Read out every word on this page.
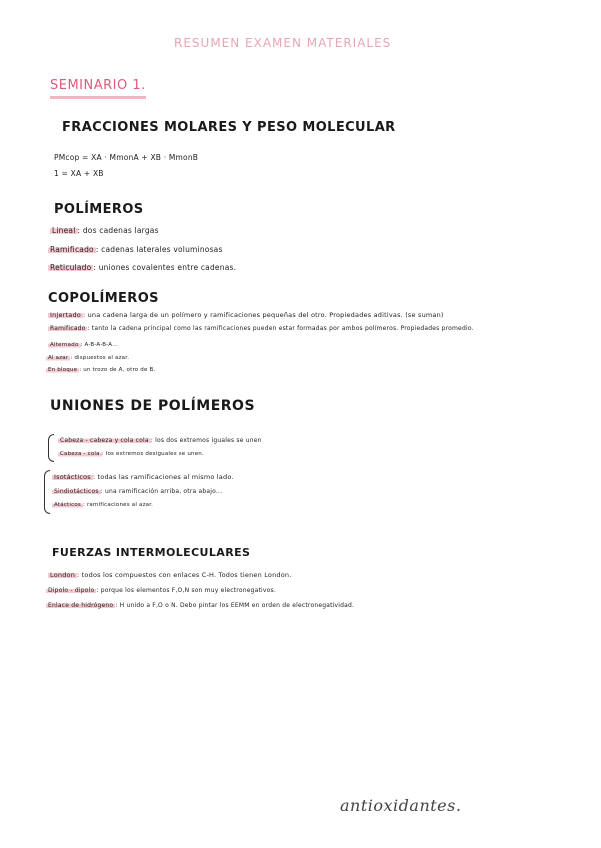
RESUMEN EXAMEN MATERIALES
SEMINARIO 1.
FRACCIONES MOLARES Y PESO MOLECULAR
PMcop = XA · MmonA + XB · MmonB
1 = XA + XB
POLÍMEROS
Lineal : dos cadenas largas
Ramificado : cadenas laterales voluminosas
Reticulado : uniones covalentes entre cadenas.
COPOLÍMEROS
Injertado : una cadena larga de un polímero y ramificaciones pequeñas del otro. Propiedades aditivas. (se suman)
Ramificado : tanto la cadena principal como las ramificaciones pueden estar formadas por ambos polímeros. Propiedades promedio.
Alternado : A-B-A-B-A...
Al azar : dispuestos al azar.
En bloque : un trozo de A, otro de B.
UNIONES DE POLÍMEROS
Cabeza - cabeza y cola cola : los dos extremos iguales se unen
Cabeza - cola : los extremos desiguales se unen.
Isotácticos : todas las ramificaciones al mismo lado.
Sindiotácticos : una ramificación arriba, otra abajo...
Atácticos : ramificaciones al azar.
FUERZAS INTERMOLECULARES
London : todos los compuestos con enlaces C-H. Todos tienen London.
Dipolo - dipolo : porque los elementos F,O,N son muy electronegativos.
Enlace de hidrógeno : H unido a F,O o N. Debo pintar los EEMM en orden de electronegatividad.
antioxidantes.
